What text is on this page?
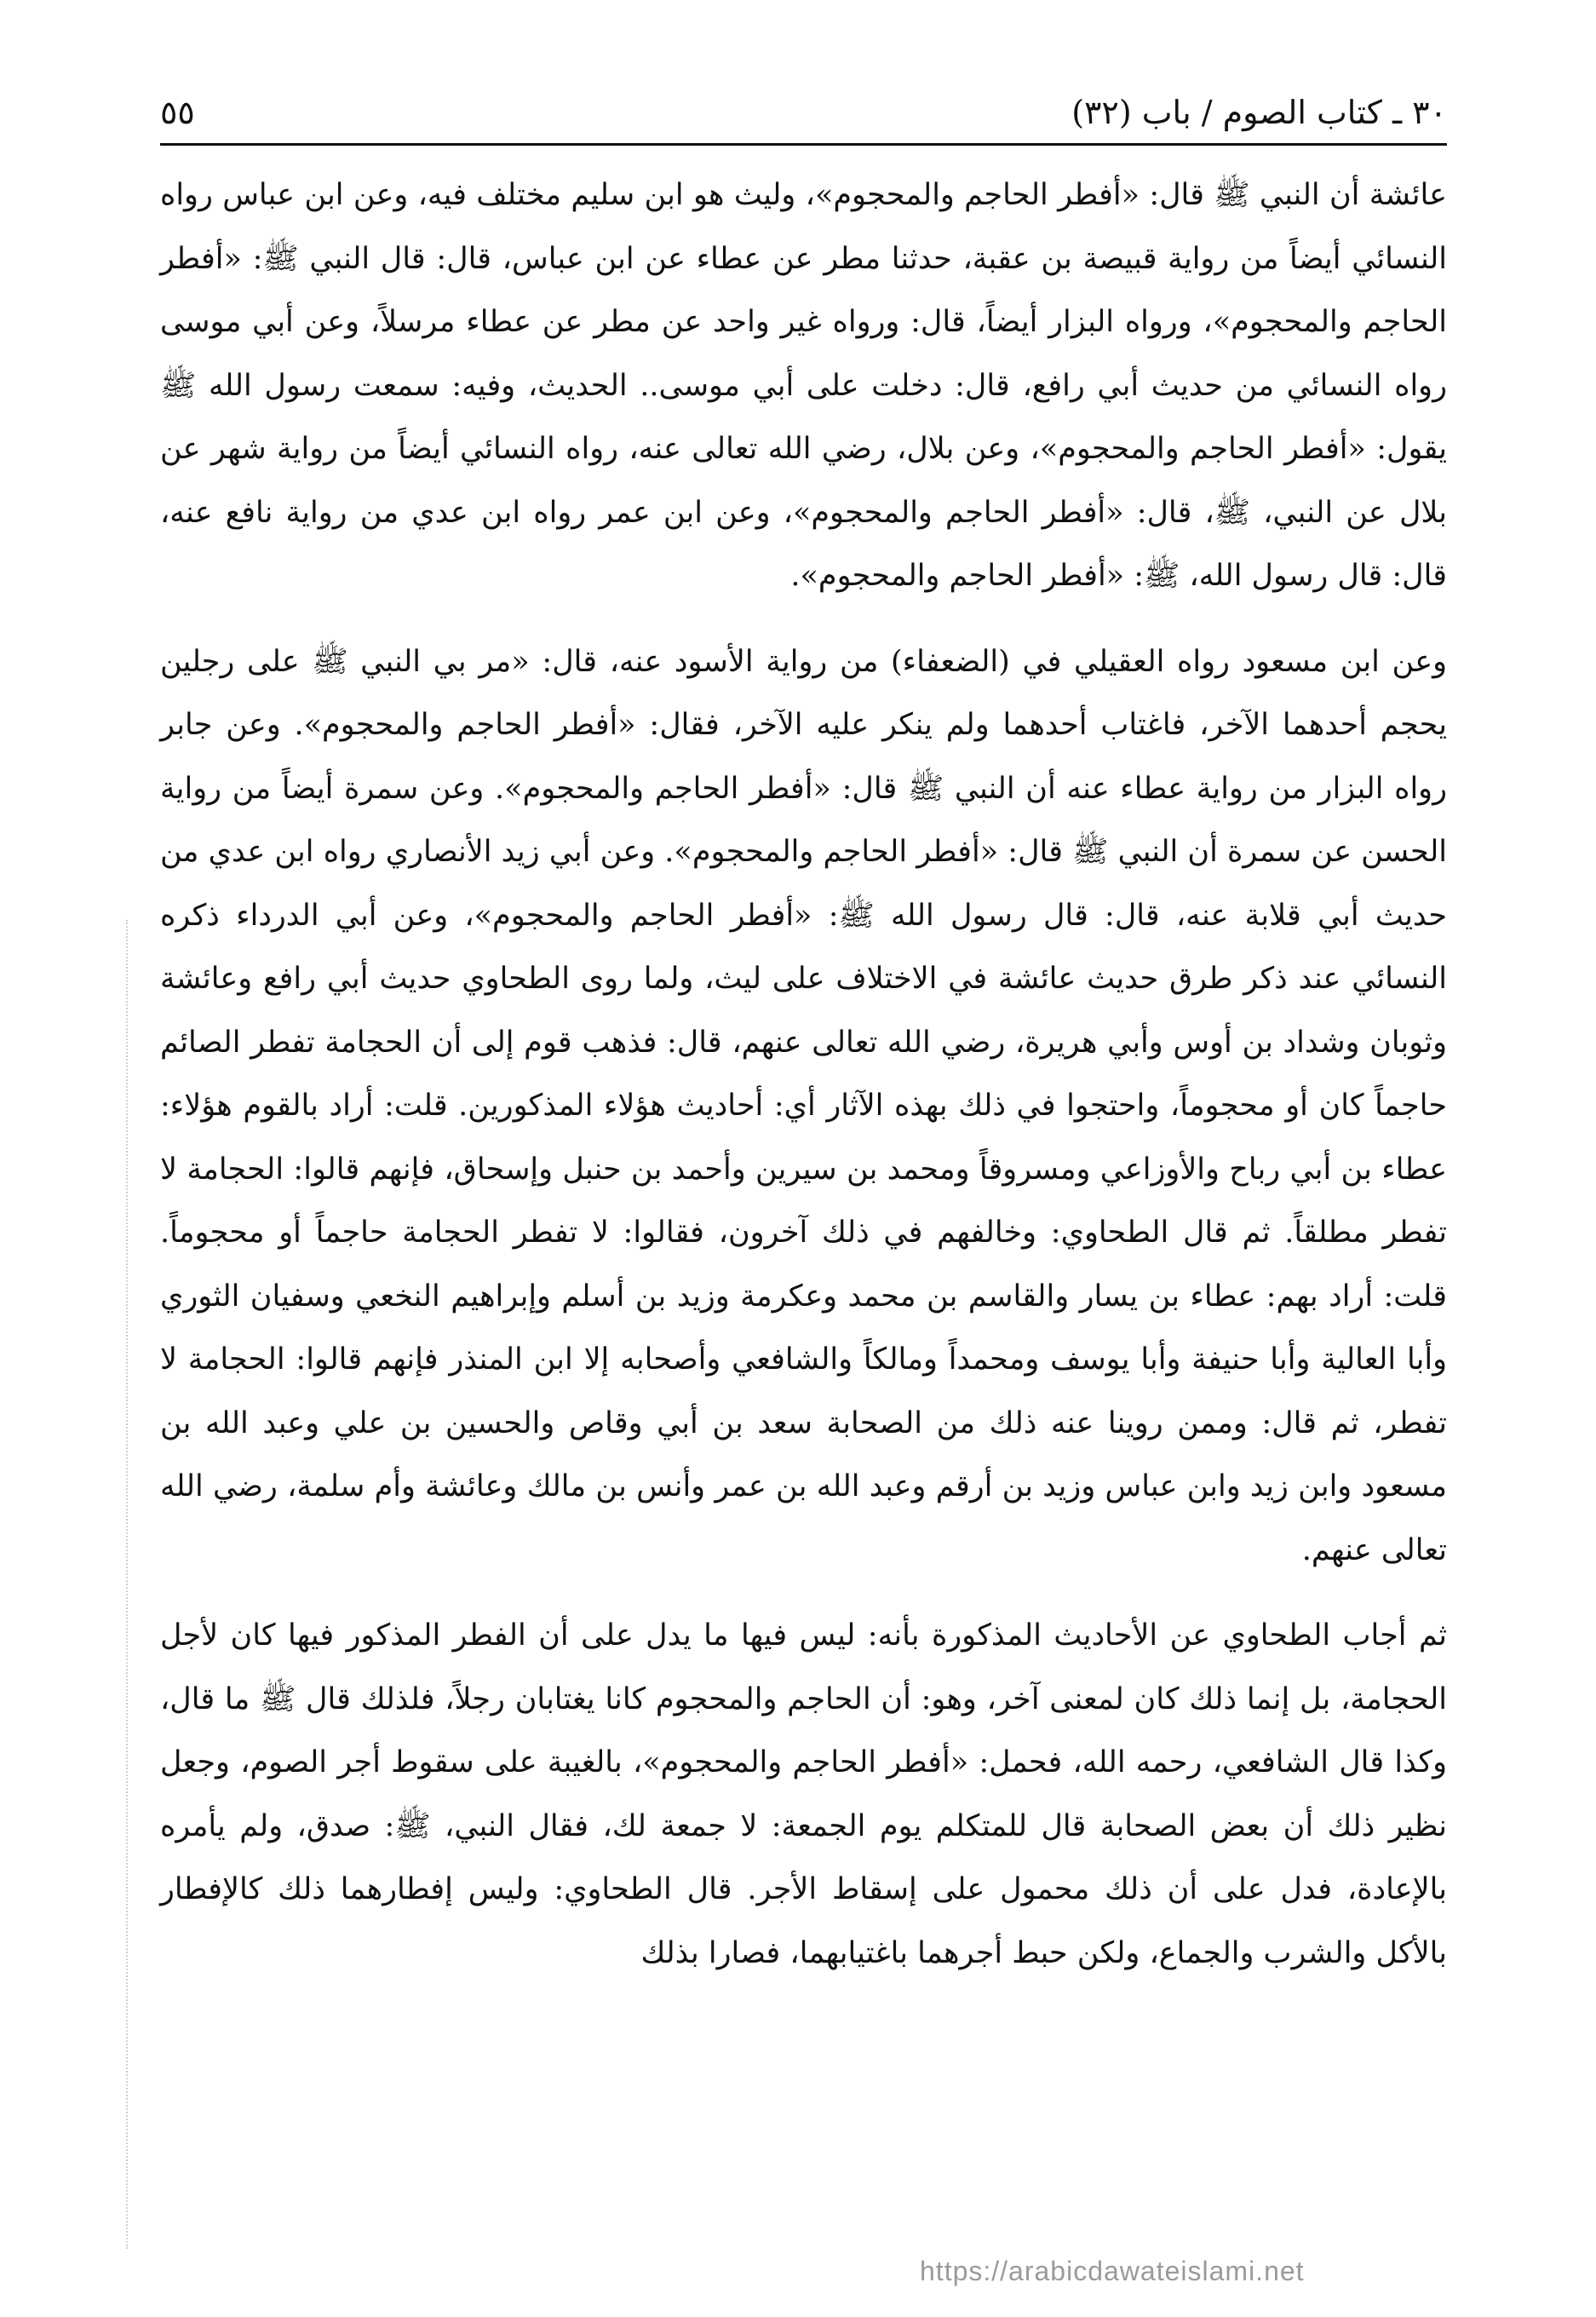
٣٠ ـ كتاب الصوم / باب (٣٢)
٥٥

عائشة أن النبي ﷺ قال: «أفطر الحاجم والمحجوم»، وليث هو ابن سليم مختلف فيه، وعن ابن عباس رواه النسائي أيضاً من رواية قبيصة بن عقبة، حدثنا مطر عن عطاء عن ابن عباس، قال: قال النبي ﷺ: «أفطر الحاجم والمحجوم»، ورواه البزار أيضاً، قال: ورواه غير واحد عن مطر عن عطاء مرسلاً، وعن أبي موسى رواه النسائي من حديث أبي رافع، قال: دخلت على أبي موسى.. الحديث، وفيه: سمعت رسول الله ﷺ يقول: «أفطر الحاجم والمحجوم»، وعن بلال، رضي الله تعالى عنه، رواه النسائي أيضاً من رواية شهر عن بلال عن النبي، ﷺ، قال: «أفطر الحاجم والمحجوم»، وعن ابن عمر رواه ابن عدي من رواية نافع عنه، قال: قال رسول الله، ﷺ: «أفطر الحاجم والمحجوم».

وعن ابن مسعود رواه العقيلي في (الضعفاء) من رواية الأسود عنه، قال: «مر بي النبي ﷺ على رجلين يحجم أحدهما الآخر، فاغتاب أحدهما ولم ينكر عليه الآخر، فقال: «أفطر الحاجم والمحجوم». وعن جابر رواه البزار من رواية عطاء عنه أن النبي ﷺ قال: «أفطر الحاجم والمحجوم». وعن سمرة أيضاً من رواية الحسن عن سمرة أن النبي ﷺ قال: «أفطر الحاجم والمحجوم». وعن أبي زيد الأنصاري رواه ابن عدي من حديث أبي قلابة عنه، قال: قال رسول الله ﷺ: «أفطر الحاجم والمحجوم»، وعن أبي الدرداء ذكره النسائي عند ذكر طرق حديث عائشة في الاختلاف على ليث، ولما روى الطحاوي حديث أبي رافع وعائشة وثوبان وشداد بن أوس وأبي هريرة، رضي الله تعالى عنهم، قال: فذهب قوم إلى أن الحجامة تفطر الصائم حاجماً كان أو محجوماً، واحتجوا في ذلك بهذه الآثار أي: أحاديث هؤلاء المذكورين. قلت: أراد بالقوم هؤلاء: عطاء بن أبي رباح والأوزاعي ومسروقاً ومحمد بن سيرين وأحمد بن حنبل وإسحاق، فإنهم قالوا: الحجامة لا تفطر مطلقاً. ثم قال الطحاوي: وخالفهم في ذلك آخرون، فقالوا: لا تفطر الحجامة حاجماً أو محجوماً. قلت: أراد بهم: عطاء بن يسار والقاسم بن محمد وعكرمة وزيد بن أسلم وإبراهيم النخعي وسفيان الثوري وأبا العالية وأبا حنيفة وأبا يوسف ومحمداً ومالكاً والشافعي وأصحابه إلا ابن المنذر فإنهم قالوا: الحجامة لا تفطر، ثم قال: وممن روينا عنه ذلك من الصحابة سعد بن أبي وقاص والحسين بن علي وعبد الله بن مسعود وابن زيد وابن عباس وزيد بن أرقم وعبد الله بن عمر وأنس بن مالك وعائشة وأم سلمة، رضي الله تعالى عنهم.

ثم أجاب الطحاوي عن الأحاديث المذكورة بأنه: ليس فيها ما يدل على أن الفطر المذكور فيها كان لأجل الحجامة، بل إنما ذلك كان لمعنى آخر، وهو: أن الحاجم والمحجوم كانا يغتابان رجلاً، فلذلك قال ﷺ ما قال، وكذا قال الشافعي، رحمه الله، فحمل: «أفطر الحاجم والمحجوم»، بالغيبة على سقوط أجر الصوم، وجعل نظير ذلك أن بعض الصحابة قال للمتكلم يوم الجمعة: لا جمعة لك، فقال النبي، ﷺ: صدق، ولم يأمره بالإعادة، فدل على أن ذلك محمول على إسقاط الأجر. قال الطحاوي: وليس إفطارهما ذلك كالإفطار بالأكل والشرب والجماع، ولكن حبط أجرهما باغتيابهما، فصارا بذلك

https://arabicdawateislami.net
